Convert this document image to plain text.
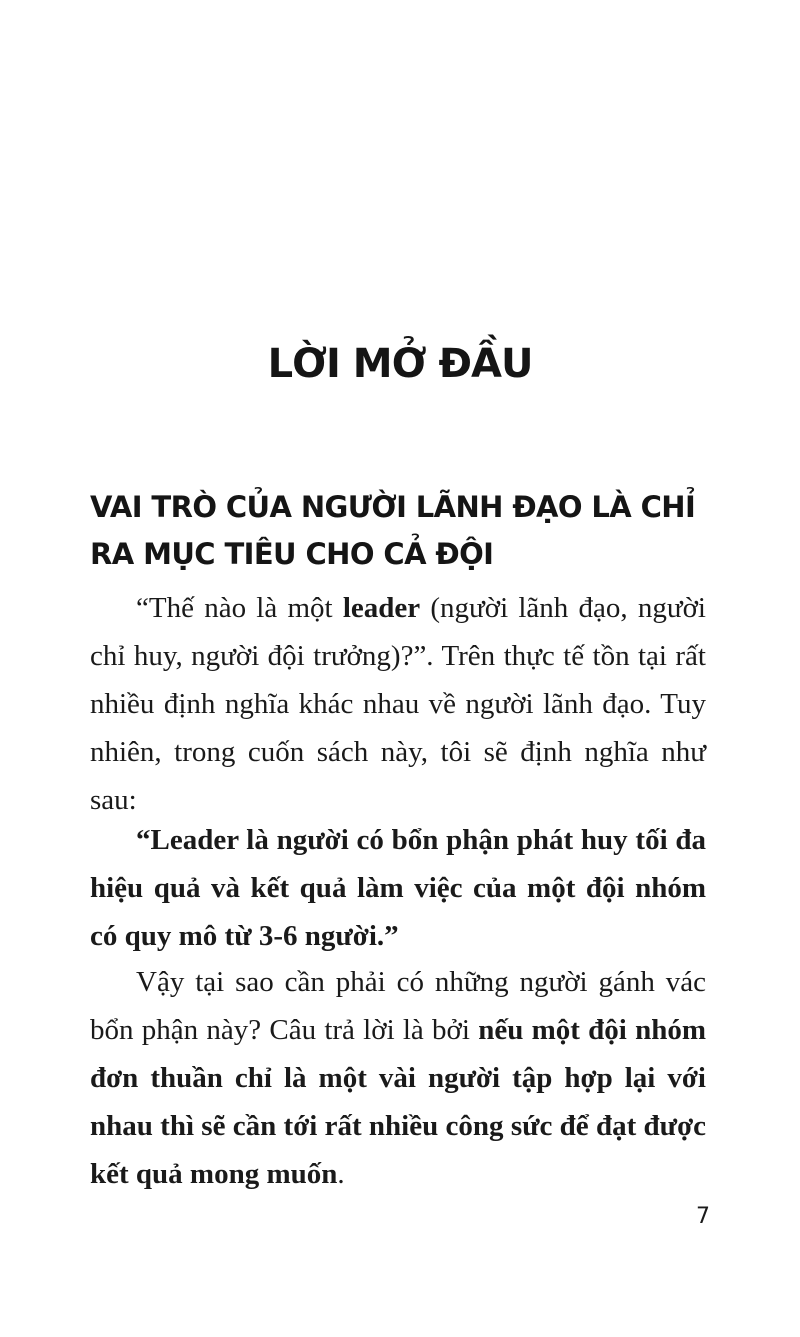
LỜI MỞ ĐẦU
VAI TRÒ CỦA NGƯỜI LÃNH ĐẠO LÀ CHỈ RA MỤC TIÊU CHO CẢ ĐỘI

“Thế nào là một leader (người lãnh đạo, người chỉ huy, người đội trưởng)?”. Trên thực tế tồn tại rất nhiều định nghĩa khác nhau về người lãnh đạo. Tuy nhiên, trong cuốn sách này, tôi sẽ định nghĩa như sau:

“Leader là người có bổn phận phát huy tối đa hiệu quả và kết quả làm việc của một đội nhóm có quy mô từ 3-6 người.”

Vậy tại sao cần phải có những người gánh vác bổn phận này? Câu trả lời là bởi nếu một đội nhóm đơn thuần chỉ là một vài người tập hợp lại với nhau thì sẽ cần tới rất nhiều công sức để đạt được kết quả mong muốn.

7
